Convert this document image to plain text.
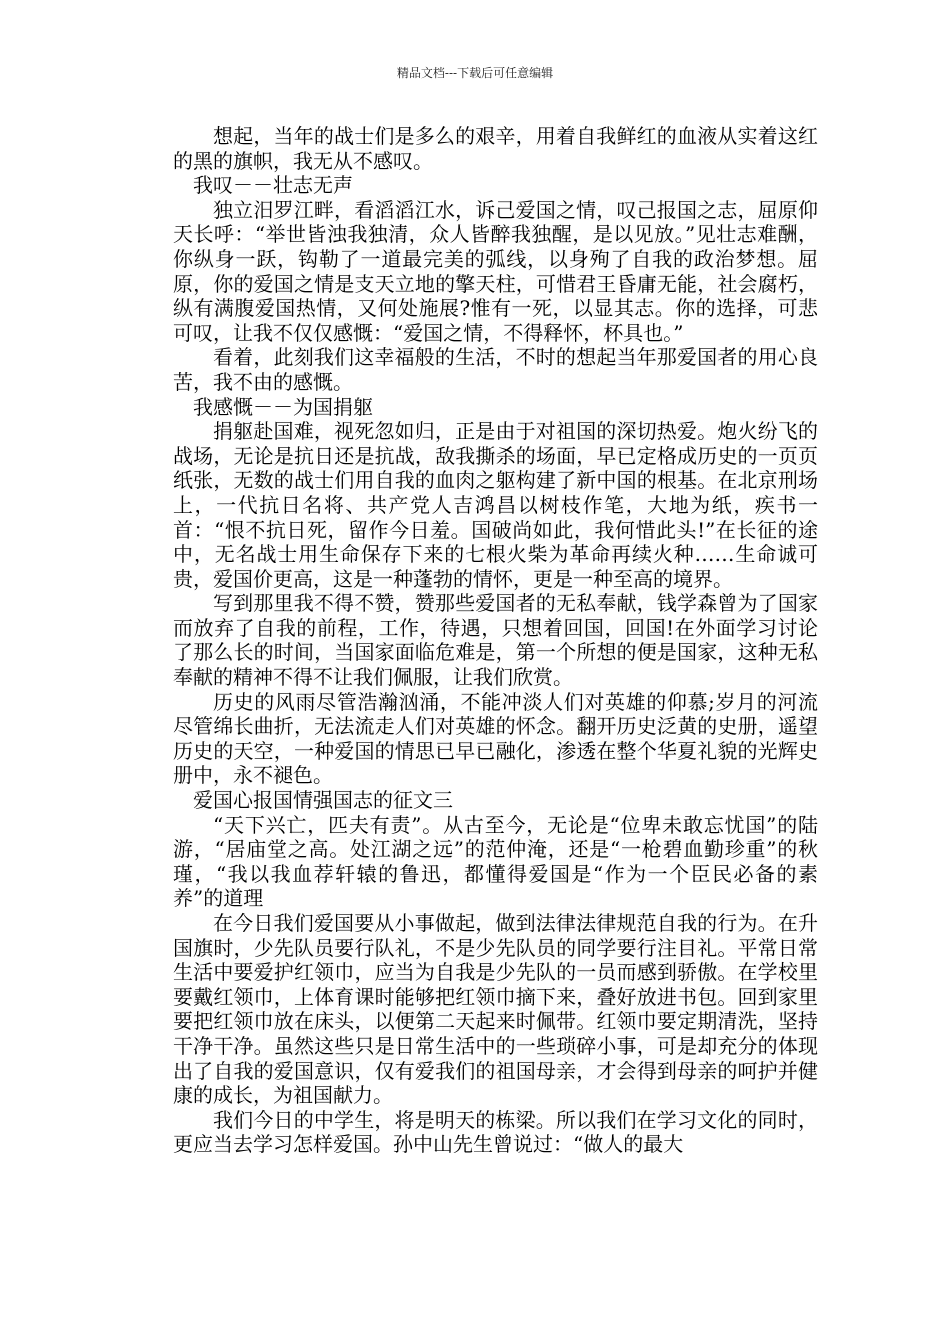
精品文档---下载后可任意编辑

想起，当年的战士们是多么的艰辛，用着自我鲜红的血液从实着这红的黑的旗帜，我无从不感叹。

我叹－－壮志无声

独立汨罗江畔，看滔滔江水，诉己爱国之情，叹己报国之志，屈原仰天长呼：“举世皆浊我独清，众人皆醉我独醒，是以见放。”见壮志难酬，你纵身一跃，钩勒了一道最完美的弧线，以身殉了自我的政治梦想。屈原，你的爱国之情是支天立地的擎天柱，可惜君王昏庸无能，社会腐朽，纵有满腹爱国热情，又何处施展?惟有一死，以显其志。你的选择，可悲可叹，让我不仅仅感慨：“爱国之情，不得释怀，杯具也。”

看着，此刻我们这幸福般的生活，不时的想起当年那爱国者的用心良苦，我不由的感慨。

我感慨－－为国捐躯

捐躯赴国难，视死忽如归，正是由于对祖国的深切热爱。炮火纷飞的战场，无论是抗日还是抗战，敌我撕杀的场面，早已定格成历史的一页页纸张，无数的战士们用自我的血肉之躯构建了新中国的根基。在北京刑场上，一代抗日名将、共产党人吉鸿昌以树枝作笔，大地为纸，疾书一首：“恨不抗日死，留作今日羞。国破尚如此，我何惜此头!”在长征的途中，无名战士用生命保存下来的七根火柴为革命再续火种……生命诚可贵，爱国价更高，这是一种蓬勃的情怀，更是一种至高的境界。

写到那里我不得不赞，赞那些爱国者的无私奉献，钱学森曾为了国家而放弃了自我的前程，工作，待遇，只想着回国，回国!在外面学习讨论了那么长的时间，当国家面临危难是，第一个所想的便是国家，这种无私奉献的精神不得不让我们佩服，让我们欣赏。

历史的风雨尽管浩瀚汹涌，不能冲淡人们对英雄的仰慕;岁月的河流尽管绵长曲折，无法流走人们对英雄的怀念。翻开历史泛黄的史册，遥望历史的天空，一种爱国的情思已早已融化，渗透在整个华夏礼貌的光辉史册中，永不褪色。

爱国心报国情强国志的征文三

“天下兴亡，匹夫有责”。从古至今，无论是“位卑未敢忘忧国”的陆游，“居庙堂之高。处江湖之远”的范仲淹，还是“一枪碧血勤珍重”的秋瑾，“我以我血荐轩辕的鲁迅，都懂得爱国是“作为一个臣民必备的素养”的道理

在今日我们爱国要从小事做起，做到法律法律规范自我的行为。在升国旗时，少先队员要行队礼，不是少先队员的同学要行注目礼。平常日常生活中要爱护红领巾，应当为自我是少先队的一员而感到骄傲。在学校里要戴红领巾，上体育课时能够把红领巾摘下来，叠好放进书包。回到家里要把红领巾放在床头，以便第二天起来时佩带。红领巾要定期清洗，坚持干净干净。虽然这些只是日常生活中的一些琐碎小事，可是却充分的体现出了自我的爱国意识，仅有爱我们的祖国母亲，才会得到母亲的呵护并健康的成长，为祖国献力。

我们今日的中学生，将是明天的栋梁。所以我们在学习文化的同时，更应当去学习怎样爱国。孙中山先生曾说过：“做人的最大
